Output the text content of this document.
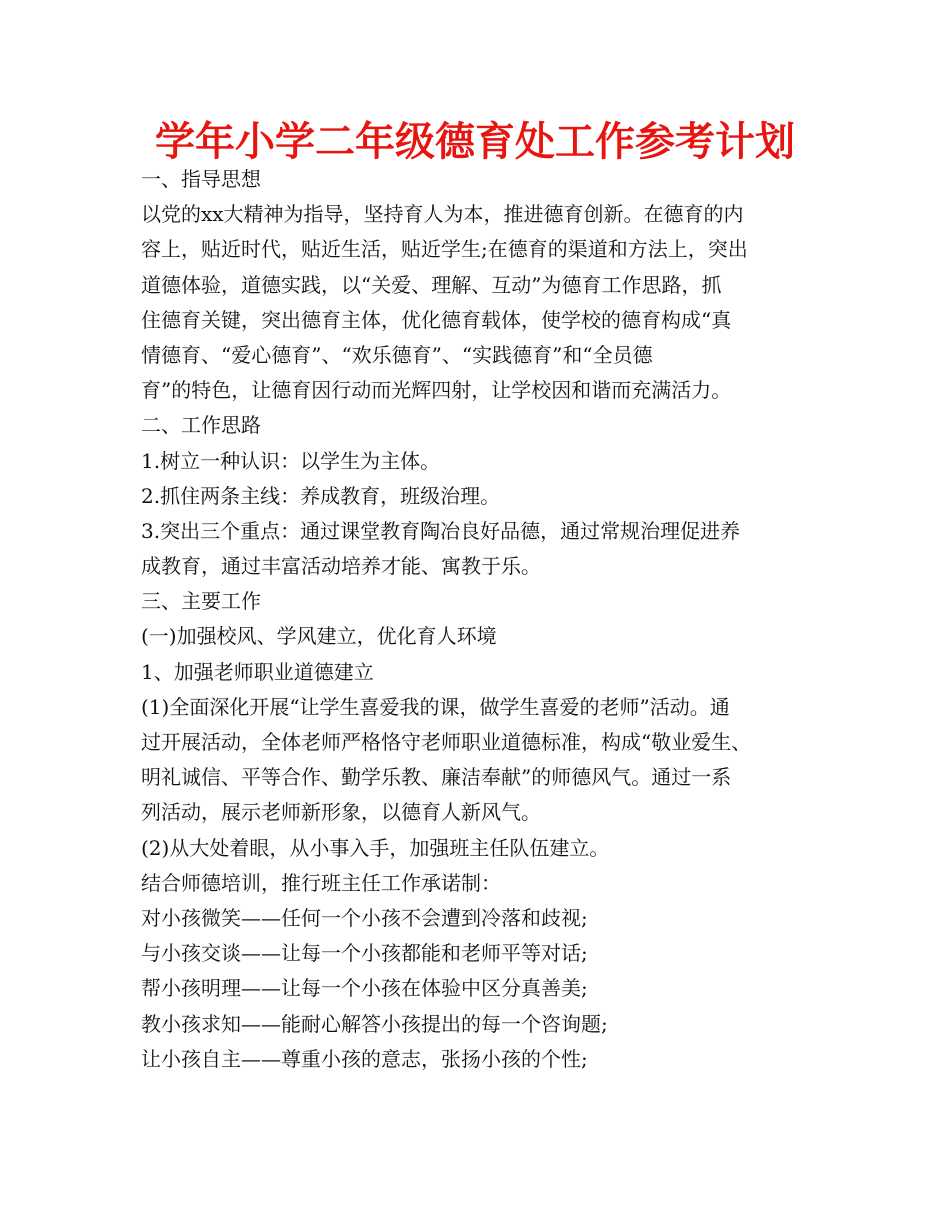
学年小学二年级德育处工作参考计划
一、指导思想
以党的xx大精神为指导，坚持育人为本，推进德育创新。在德育的内
容上，贴近时代，贴近生活，贴近学生;在德育的渠道和方法上，突出
道德体验，道德实践，以“关爱、理解、互动”为德育工作思路，抓
住德育关键，突出德育主体，优化德育载体，使学校的德育构成“真
情德育、“爱心德育”、“欢乐德育”、“实践德育”和“全员德
育”的特色，让德育因行动而光辉四射，让学校因和谐而充满活力。
二、工作思路
1.树立一种认识：以学生为主体。
2.抓住两条主线：养成教育，班级治理。
3.突出三个重点：通过课堂教育陶冶良好品德，通过常规治理促进养
成教育，通过丰富活动培养才能、寓教于乐。
三、主要工作
(一)加强校风、学风建立，优化育人环境
1、加强老师职业道德建立
(1)全面深化开展“让学生喜爱我的课，做学生喜爱的老师”活动。通
过开展活动，全体老师严格恪守老师职业道德标准，构成“敬业爱生、
明礼诚信、平等合作、勤学乐教、廉洁奉献”的师德风气。通过一系
列活动，展示老师新形象，以德育人新风气。
(2)从大处着眼，从小事入手，加强班主任队伍建立。
结合师德培训，推行班主任工作承诺制：
对小孩微笑——任何一个小孩不会遭到冷落和歧视;
与小孩交谈——让每一个小孩都能和老师平等对话;
帮小孩明理——让每一个小孩在体验中区分真善美;
教小孩求知——能耐心解答小孩提出的每一个咨询题;
让小孩自主——尊重小孩的意志，张扬小孩的个性;
